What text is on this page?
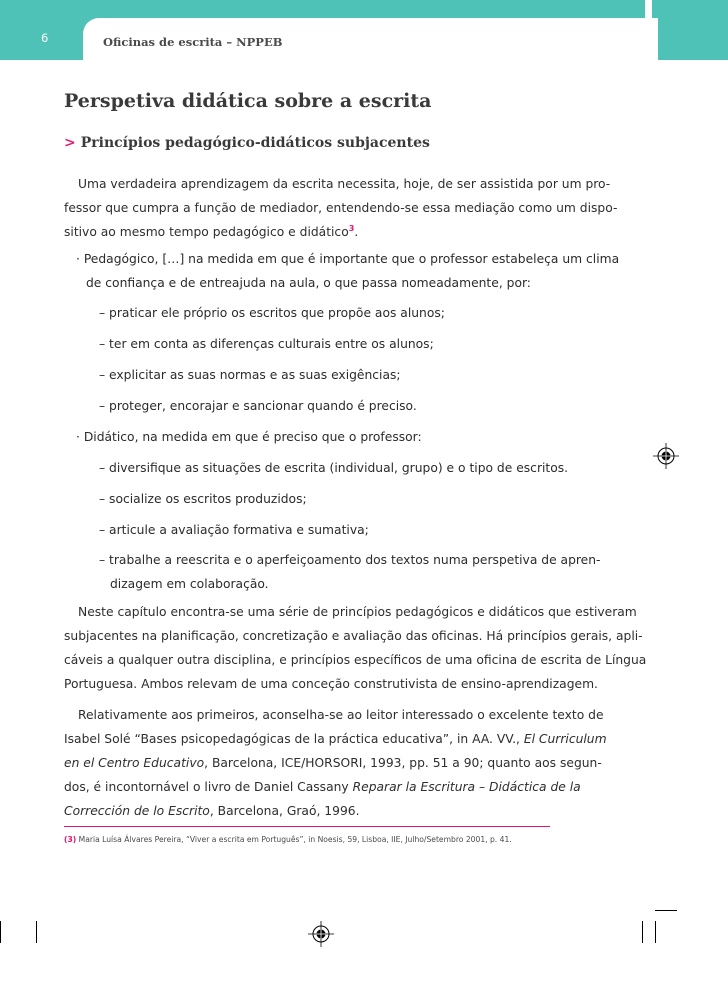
6	Oficinas de escrita – NPPEB
Perspetiva didática sobre a escrita
> Princípios pedagógico-didáticos subjacentes
Uma verdadeira aprendizagem da escrita necessita, hoje, de ser assistida por um pro-
fessor que cumpra a função de mediador, entendendo-se essa mediação como um dispo-
sitivo ao mesmo tempo pedagógico e didático$^3$.
· Pedagógico, […] na medida em que é importante que o professor estabeleça um clima
de confiança e de entreajuda na aula, o que passa nomeadamente, por:
– praticar ele próprio os escritos que propõe aos alunos;
– ter em conta as diferenças culturais entre os alunos;
– explicitar as suas normas e as suas exigências;
– proteger, encorajar e sancionar quando é preciso.
· Didático, na medida em que é preciso que o professor:
– diversifique as situações de escrita (individual, grupo) e o tipo de escritos.
– socialize os escritos produzidos;
– articule a avaliação formativa e sumativa;
– trabalhe a reescrita e o aperfeiçoamento dos textos numa perspetiva de apren-
dizagem em colaboração.
Neste capítulo encontra-se uma série de princípios pedagógicos e didáticos que estiveram
subjacentes na planificação, concretização e avaliação das oficinas. Há princípios gerais, apli-
cáveis a qualquer outra disciplina, e princípios específicos de uma oficina de escrita de Língua
Portuguesa. Ambos relevam de uma conceção construtivista de ensino-aprendizagem.
Relativamente aos primeiros, aconselha-se ao leitor interessado o excelente texto de
Isabel Solé “Bases psicopedagógicas de la práctica educativa”, in AA. VV., El Curriculum
en el Centro Educativo, Barcelona, ICE/HORSORI, 1993, pp. 51 a 90; quanto aos segun-
dos, é incontornável o livro de Daniel Cassany Reparar la Escritura – Didáctica de la
Corrección de lo Escrito, Barcelona, Graó, 1996.
(3) Maria Luísa Álvares Pereira, “Viver a escrita em Português”, in Noesis, 59, Lisboa, IIE, Julho/Setembro 2001, p. 41.
